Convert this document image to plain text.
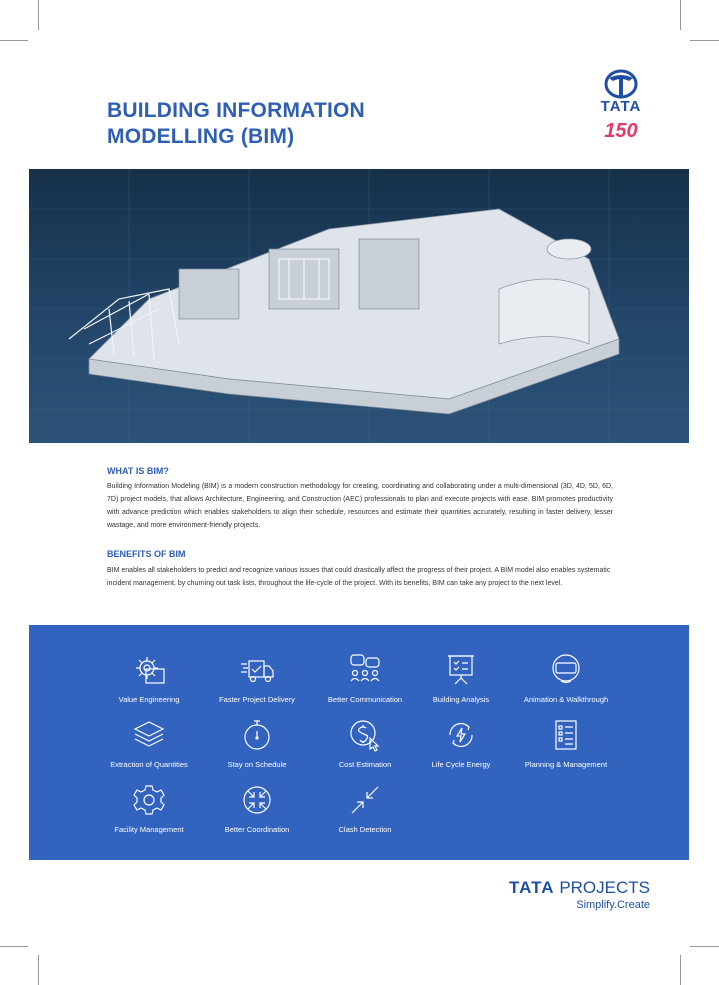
BUILDING INFORMATION
MODELLING (BIM)
TATA
150
WHAT IS BIM?

Building Information Modeling (BIM) is a modern construction methodology for creating, coordinating and collaborating under a multi-dimensional (3D, 4D, 5D, 6D, 7D) project models, that allows Architecture, Engineering, and Construction (AEC) professionals to plan and execute projects with ease. BIM promotes productivity with advance prediction which enables stakeholders to align their schedule, resources and estimate their quantities accurately, resulting in faster delivery, lesser wastage, and more environment-friendly projects.

BENEFITS OF BIM

BIM enables all stakeholders to predict and recognize various issues that could drastically affect the progress of their project. A BIM model also enables systematic incident management, by churning out task lists, throughout the life-cycle of the project. With its benefits, BIM can take any project to the next level.

Value Engineering	Faster Project Delivery	Better Communication	Building Analysis	Animation & Walkthrough
Extraction of Quantities	Stay on Schedule	Cost Estimation	Life Cycle Energy	Planning & Management
Facility Management	Better Coordination	Clash Detection
TATA PROJECTS
Simplify.Create
